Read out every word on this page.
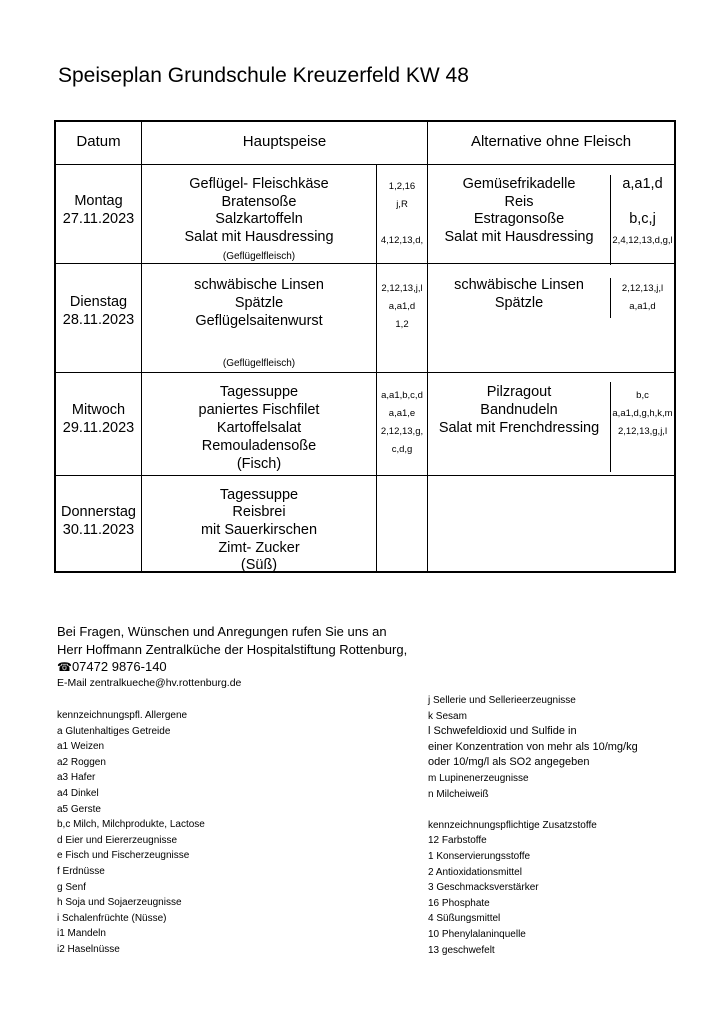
Speiseplan Grundschule Kreuzerfeld KW 48
Datum	Hauptspeise	Alternative ohne Fleisch
Montag
27.11.2023
Geflügel- Fleischkäse
Bratensoße
Salzkartoffeln
Salat mit Hausdressing
(Geflügelfleisch)
1,2,16
j,R
4,12,13,d,
Gemüsefrikadelle
Reis
Estragonsoße
Salat mit Hausdressing
a,a1,d
b,c,j
2,4,12,13,d,g,l
Dienstag
28.11.2023
schwäbische Linsen
Spätzle
Geflügelsaitenwurst
(Geflügelfleisch)
2,12,13,j,l
a,a1,d
1,2
schwäbische Linsen
Spätzle
2,12,13,j,l
a,a1,d
Mitwoch
29.11.2023
Tagessuppe
paniertes Fischfilet
Kartoffelsalat
Remouladensoße
(Fisch)
a,a1,b,c,d
a,a1,e
2,12,13,g,
c,d,g
Pilzragout
Bandnudeln
Salat mit Frenchdressing
b,c
a,a1,d,g,h,k,m
2,12,13,g,j,l
Donnerstag
30.11.2023
Tagessuppe
Reisbrei
mit Sauerkirschen
Zimt- Zucker
(Süß)
Bei Fragen, Wünschen und Anregungen rufen Sie uns an
Herr Hoffmann Zentralküche der Hospitalstiftung Rottenburg,
☎07472 9876-140
E-Mail zentralkueche@hv.rottenburg.de
kennzeichnungspfl. Allergene
a Glutenhaltiges Getreide
a1 Weizen
a2 Roggen
a3 Hafer
a4 Dinkel
a5 Gerste
b,c Milch, Milchprodukte, Lactose
d Eier und Eiererzeugnisse
e Fisch und Fischerzeugnisse
f Erdnüsse
g Senf
h Soja und Sojaerzeugnisse
i Schalenfrüchte (Nüsse)
i1 Mandeln
i2 Haselnüsse
j Sellerie und Sellerieerzeugnisse
k Sesam
l Schwefeldioxid und Sulfide in
einer Konzentration von mehr als 10/mg/kg
oder 10/mg/l als SO2 angegeben
m Lupinenerzeugnisse
n Milcheiweiß
kennzeichnungspflichtige Zusatzstoffe
12 Farbstoffe
1 Konservierungsstoffe
2 Antioxidationsmittel
3 Geschmacksverstärker
16 Phosphate
4 Süßungsmittel
10 Phenylalaninquelle
13 geschwefelt
